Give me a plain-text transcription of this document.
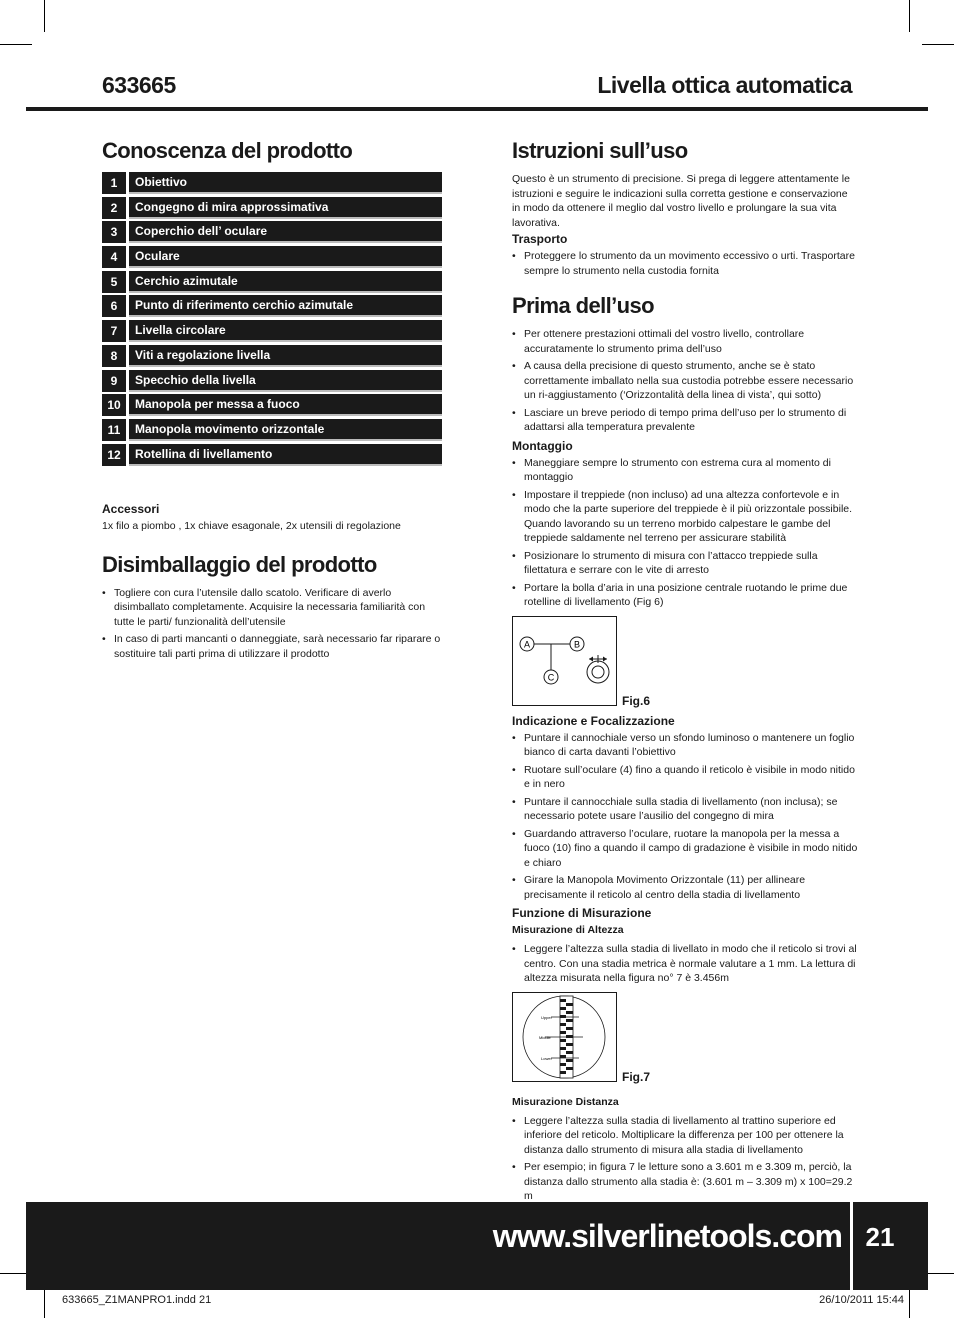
633665	Livella ottica automatica
Conoscenza del prodotto
1	Obiettivo
2	Congegno di mira approssimativa
3	Coperchio dell’ oculare
4	Oculare
5	Cerchio azimutale
6	Punto di riferimento cerchio azimutale
7	Livella circolare
8	Viti a regolazione livella
9	Specchio della livella
10	Manopola per messa a fuoco
11	Manopola movimento orizzontale
12	Rotellina di livellamento
Accessori

1x filo a piombo , 1x chiave esagonale, 2x utensili di regolazione

Disimballaggio del prodotto
• Togliere con cura l’utensile dallo scatolo. Verificare di averlo disimballato completamente. Acquisire la necessaria familiarità con tutte le parti/ funzionalità dell’utensile
• In caso di parti mancanti o danneggiate, sarà necessario far riparare o sostituire tali parti prima di utilizzare il prodotto
Istruzioni sull’uso

Questo è un strumento di precisione. Si prega di leggere attentamente le istruzioni e seguire le indicazioni sulla corretta gestione e conservazione in modo da ottenere il meglio dal vostro livello e prolungare la sua vita lavorativa.

Trasporto
• Proteggere lo strumento da un movimento eccessivo o urti. Trasportare sempre lo strumento nella custodia fornita
Prima dell’uso
• Per ottenere prestazioni ottimali del vostro livello, controllare accuratamente lo strumento prima dell’uso
• A causa della precisione di questo strumento, anche se è stato correttamente imballato nella sua custodia potrebbe essere necessario un ri-aggiustamento (‘Orizzontalità della linea di vista’, qui sotto)
• Lasciare un breve periodo di tempo prima dell’uso per lo strumento di adattarsi alla temperatura prevalente
Montaggio
• Maneggiare sempre lo strumento con estrema cura al momento di montaggio
• Impostare il treppiede (non incluso) ad una altezza confortevole e in modo che la parte superiore del treppiede è il più orizzontale possibile. Quando lavorando su un terreno morbido calpestare le gambe del treppiede saldamente nel terreno per assicurare stabilità
• Posizionare lo strumento di misura con l’attacco treppiede sulla filettatura e serrare con le vite di arresto
• Portare la bolla d’aria in una posizione centrale ruotando le prime due rotelline di livellamento (Fig 6)
A	B
C
Fig.6
Indicazione e Focalizzazione
• Puntare il cannochiale verso un sfondo luminoso o mantenere un foglio bianco di carta davanti l’obiettivo
• Ruotare sull’oculare (4) fino a quando il reticolo è visibile in modo nitido e in nero
• Puntare il cannocchiale sulla stadia di livellamento (non inclusa); se necessario potete usare l’ausilio del congegno di mira
• Guardando attraverso l’oculare, ruotare la manopola per la messa a fuoco (10) fino a quando il campo di gradazione è visibile in modo nitido e chiaro
• Girare la Manopola Movimento Orizzontale (11) per allineare precisamente il reticolo al centro della stadia di livellamento
Funzione di Misurazione
Misurazione di Altezza
• Leggere l’altezza sulla stadia di livellato in modo che il reticolo si trovi al centro. Con una stadia metrica è normale valutare a 1 mm. La lettura di altezza misurata nella figura no° 7 è 3.456m
Upper
Middle
Lower
Fig.7
Misurazione Distanza
• Leggere l’altezza sulla stadia di livellamento al trattino superiore ed inferiore del reticolo. Moltiplicare la differenza per 100 per ottenere la distanza dallo strumento di misura alla stadia di livellamento
• Per esempio; in figura 7 le letture sono a 3.601 m e 3.309 m, perciò, la distanza dallo strumento alla stadia è: (3.601 m – 3.309 m) x 100=29.2 m
www.silverlinetools.com 21
633665_Z1MANPRO1.indd 21	26/10/2011 15:44
